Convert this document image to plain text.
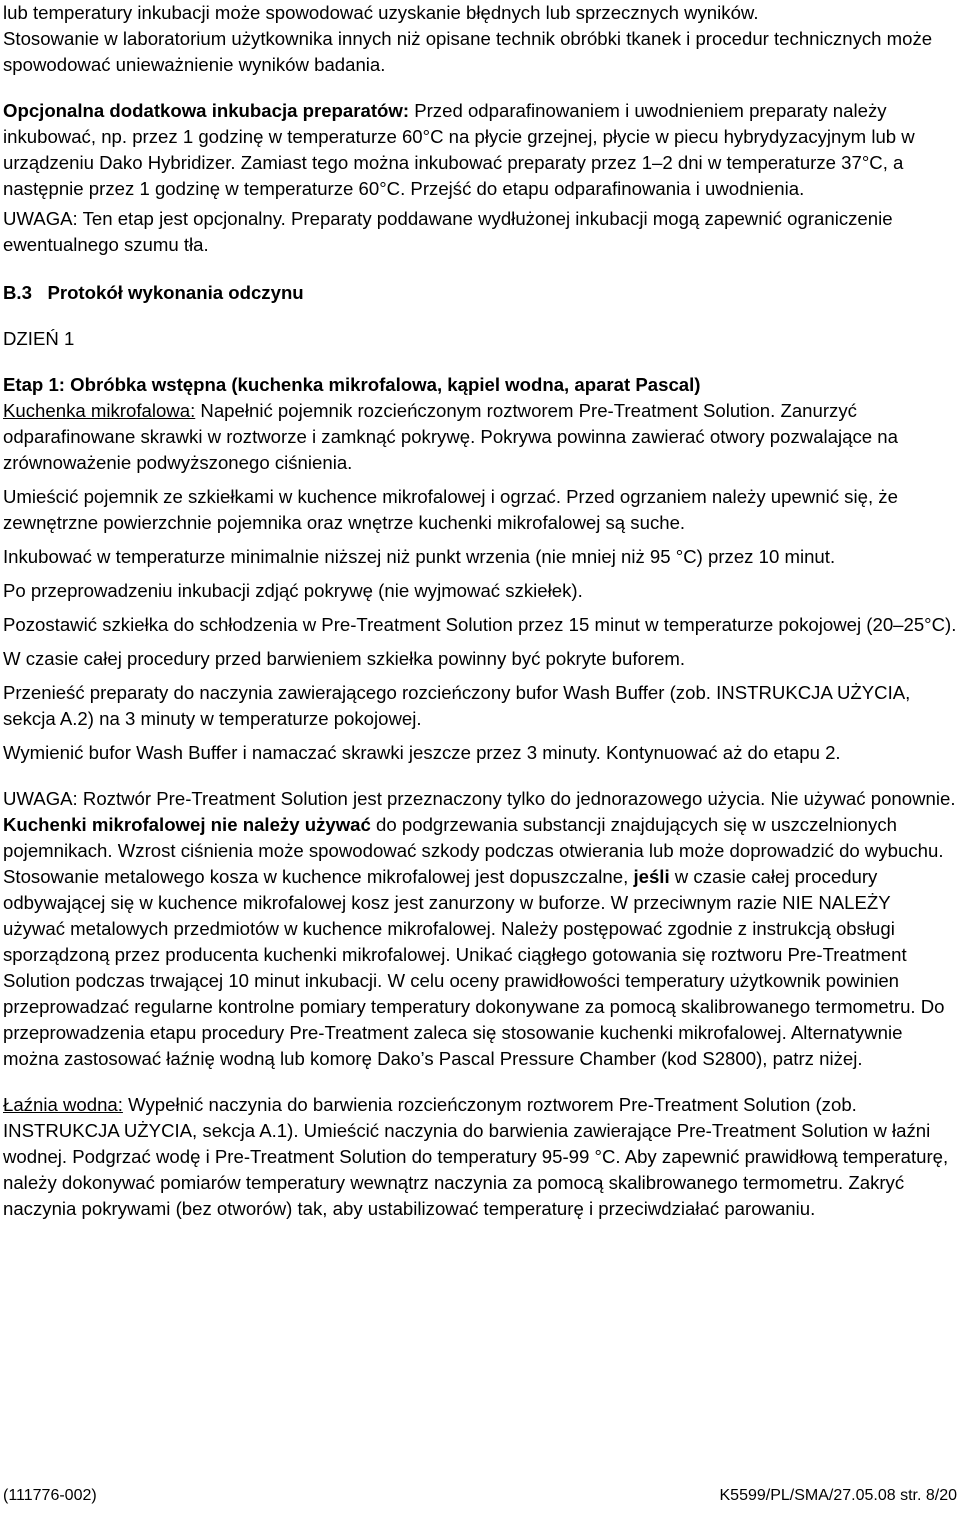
lub temperatury inkubacji może spowodować uzyskanie błędnych lub sprzecznych wyników.

Stosowanie w laboratorium użytkownika innych niż opisane technik obróbki tkanek i procedur technicznych może spowodować unieważnienie wyników badania.

Opcjonalna dodatkowa inkubacja preparatów: Przed odparafinowaniem i uwodnieniem preparaty należy inkubować, np. przez 1 godzinę w temperaturze 60°C na płycie grzejnej, płycie w piecu hybrydyzacyjnym lub w urządzeniu Dako Hybridizer. Zamiast tego można inkubować preparaty przez 1–2 dni w temperaturze 37°C, a następnie przez 1 godzinę w temperaturze 60°C. Przejść do etapu odparafinowania i uwodnienia.

UWAGA: Ten etap jest opcjonalny. Preparaty poddawane wydłużonej inkubacji mogą zapewnić ograniczenie ewentualnego szumu tła.

B.3 Protokół wykonania odczynu

DZIEŃ 1

Etap 1: Obróbka wstępna (kuchenka mikrofalowa, kąpiel wodna, aparat Pascal)

Kuchenka mikrofalowa: Napełnić pojemnik rozcieńczonym roztworem Pre-Treatment Solution. Zanurzyć odparafinowane skrawki w roztworze i zamknąć pokrywę. Pokrywa powinna zawierać otwory pozwalające na zrównoważenie podwyższonego ciśnienia.

Umieścić pojemnik ze szkiełkami w kuchence mikrofalowej i ogrzać. Przed ogrzaniem należy upewnić się, że zewnętrzne powierzchnie pojemnika oraz wnętrze kuchenki mikrofalowej są suche.

Inkubować w temperaturze minimalnie niższej niż punkt wrzenia (nie mniej niż 95 °C) przez 10 minut.

Po przeprowadzeniu inkubacji zdjąć pokrywę (nie wyjmować szkiełek).

Pozostawić szkiełka do schłodzenia w Pre-Treatment Solution przez 15 minut w temperaturze pokojowej (20–25°C).

W czasie całej procedury przed barwieniem szkiełka powinny być pokryte buforem.

Przenieść preparaty do naczynia zawierającego rozcieńczony bufor Wash Buffer (zob. INSTRUKCJA UŻYCIA, sekcja A.2) na 3 minuty w temperaturze pokojowej.

Wymienić bufor Wash Buffer i namaczać skrawki jeszcze przez 3 minuty. Kontynuować aż do etapu 2.

UWAGA: Roztwór Pre-Treatment Solution jest przeznaczony tylko do jednorazowego użycia. Nie używać ponownie. Kuchenki mikrofalowej nie należy używać do podgrzewania substancji znajdujących się w uszczelnionych pojemnikach. Wzrost ciśnienia może spowodować szkody podczas otwierania lub może doprowadzić do wybuchu. Stosowanie metalowego kosza w kuchence mikrofalowej jest dopuszczalne, jeśli w czasie całej procedury odbywającej się w kuchence mikrofalowej kosz jest zanurzony w buforze. W przeciwnym razie NIE NALEŻY używać metalowych przedmiotów w kuchence mikrofalowej. Należy postępować zgodnie z instrukcją obsługi sporządzoną przez producenta kuchenki mikrofalowej. Unikać ciągłego gotowania się roztworu Pre-Treatment Solution podczas trwającej 10 minut inkubacji. W celu oceny prawidłowości temperatury użytkownik powinien przeprowadzać regularne kontrolne pomiary temperatury dokonywane za pomocą skalibrowanego termometru. Do przeprowadzenia etapu procedury Pre-Treatment zaleca się stosowanie kuchenki mikrofalowej. Alternatywnie można zastosować łaźnię wodną lub komorę Dako’s Pascal Pressure Chamber (kod S2800), patrz niżej.

Łaźnia wodna: Wypełnić naczynia do barwienia rozcieńczonym roztworem Pre-Treatment Solution (zob. INSTRUKCJA UŻYCIA, sekcja A.1). Umieścić naczynia do barwienia zawierające Pre-Treatment Solution w łaźni wodnej. Podgrzać wodę i Pre-Treatment Solution do temperatury 95-99 °C. Aby zapewnić prawidłową temperaturę, należy dokonywać pomiarów temperatury wewnątrz naczynia za pomocą skalibrowanego termometru. Zakryć naczynia pokrywami (bez otworów) tak, aby ustabilizować temperaturę i przeciwdziałać parowaniu.

(111776-002)	K5599/PL/SMA/27.05.08 str. 8/20
